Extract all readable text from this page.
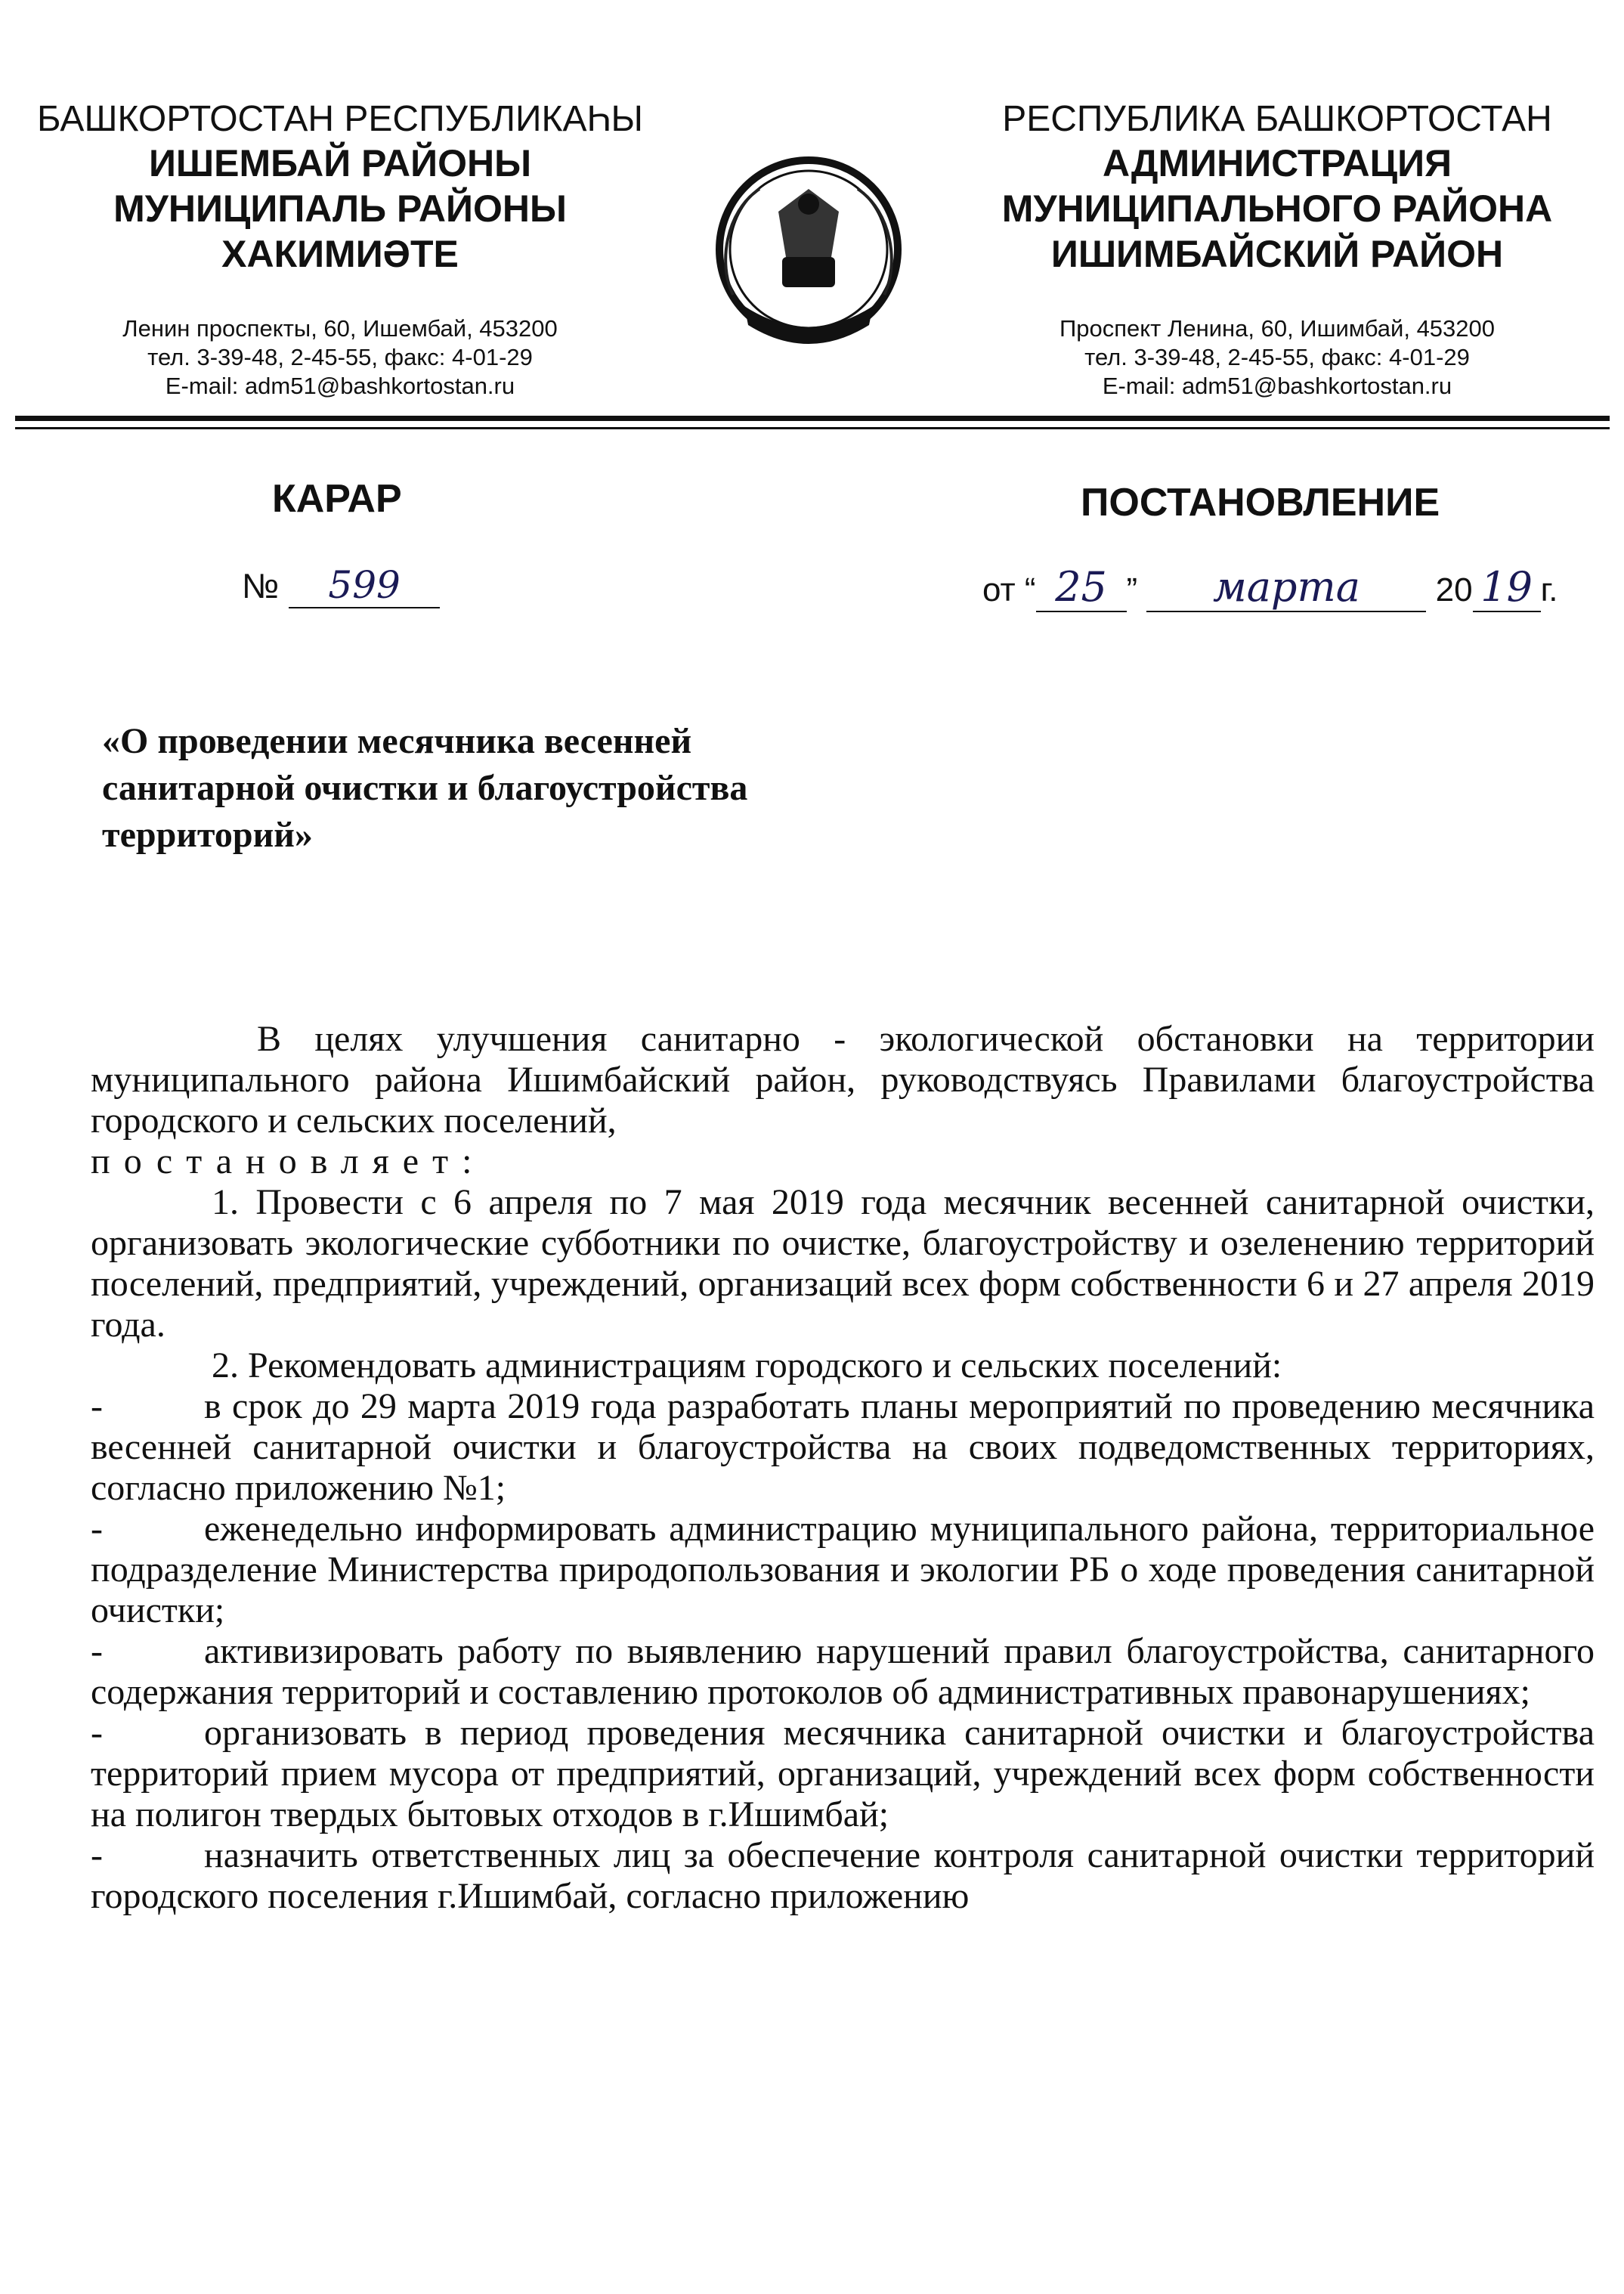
БАШКОРТОСТАН РЕСПУБЛИКАҺЫ
ИШЕМБАЙ РАЙОНЫ
МУНИЦИПАЛЬ РАЙОНЫ
ХАКИМИӘТЕ
Ленин проспекты, 60, Ишембай, 453200
тел. 3-39-48, 2-45-55, факс: 4-01-29
E-mail: adm51@bashkortostan.ru
РЕСПУБЛИКА БАШКОРТОСТАН
АДМИНИСТРАЦИЯ
МУНИЦИПАЛЬНОГО РАЙОНА
ИШИМБАЙСКИЙ РАЙОН
Проспект Ленина, 60, Ишимбай, 453200
тел. 3-39-48, 2-45-55, факс: 4-01-29
E-mail: adm51@bashkortostan.ru
КАРАР	ПОСТАНОВЛЕНИЕ
№ 599	от “ 25 ” марта 20 19 г.
«О проведении месячника весенней санитарной очистки и благоустройства территорий»

В целях улучшения санитарно - экологической обстановки на территории муниципального района Ишимбайский район, руководствуясь Правилами благоустройства городского и сельских поселений,

постановляет:

1. Провести с 6 апреля по 7 мая 2019 года месячник весенней санитарной очистки, организовать экологические субботники по очистке, благоустройству и озеленению территорий поселений, предприятий, учреждений, организаций всех форм собственности 6 и 27 апреля 2019 года.

2. Рекомендовать администрациям городского и сельских поселений:

-	в срок до 29 марта 2019 года разработать планы мероприятий по проведению месячника весенней санитарной очистки и благоустройства на своих подведомственных территориях, согласно приложению №1;

-	еженедельно информировать администрацию муниципального района, территориальное подразделение Министерства природопользования и экологии РБ о ходе проведения санитарной очистки;

-	активизировать работу по выявлению нарушений правил благоустройства, санитарного содержания территорий и составлению протоколов об административных правонарушениях;

-	организовать в период проведения месячника санитарной очистки и благоустройства территорий прием мусора от предприятий, организаций, учреждений всех форм собственности на полигон твердых бытовых отходов в г.Ишимбай;

-	назначить ответственных лиц за обеспечение контроля санитарной очистки территорий городского поселения г.Ишимбай, согласно приложению
